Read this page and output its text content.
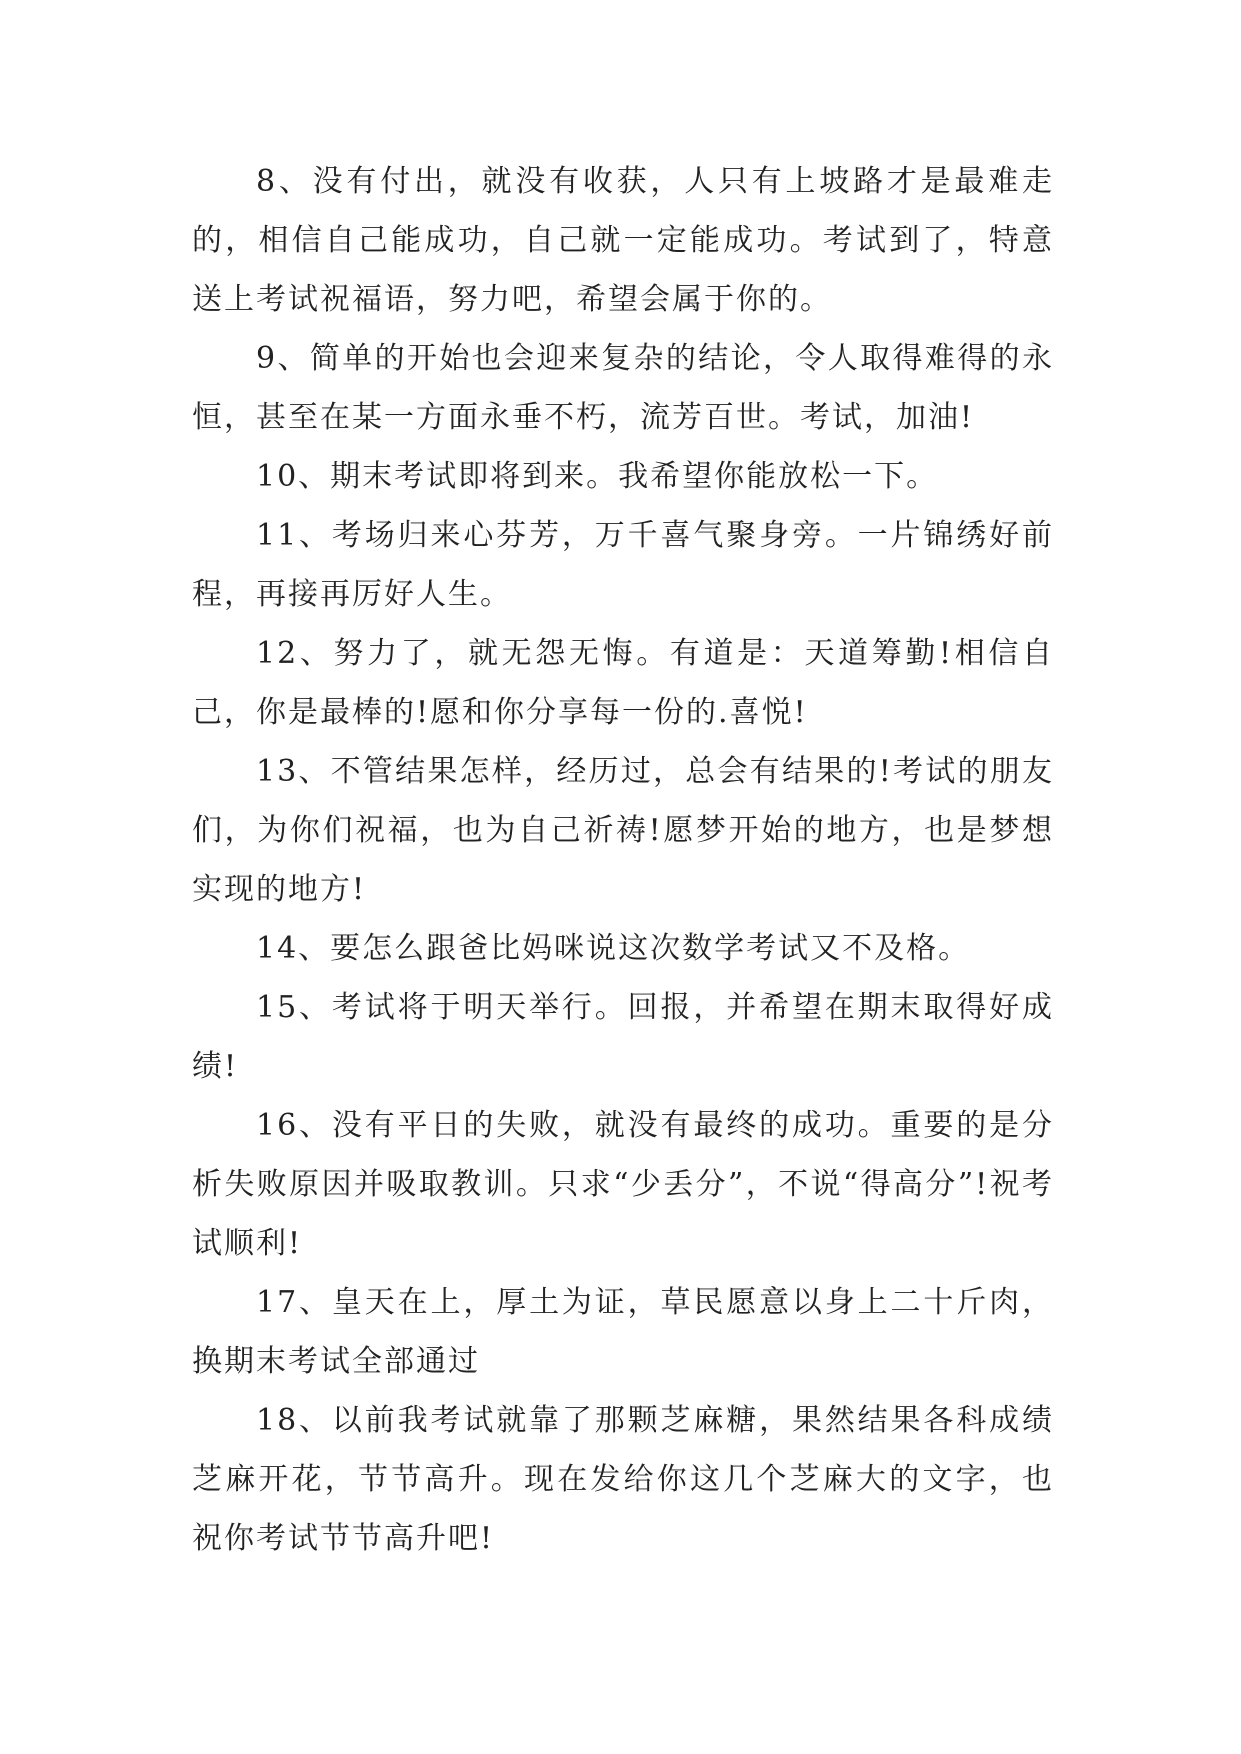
8、没有付出，就没有收获，人只有上坡路才是最难走的，相信自己能成功，自己就一定能成功。考试到了，特意送上考试祝福语，努力吧，希望会属于你的。

9、简单的开始也会迎来复杂的结论，令人取得难得的永恒，甚至在某一方面永垂不朽，流芳百世。考试，加油!

10、期末考试即将到来。我希望你能放松一下。

11、考场归来心芬芳，万千喜气聚身旁。一片锦绣好前程，再接再厉好人生。

12、努力了，就无怨无悔。有道是：天道筹勤!相信自己，你是最棒的!愿和你分享每一份的.喜悦!

13、不管结果怎样，经历过，总会有结果的!考试的朋友们，为你们祝福，也为自己祈祷!愿梦开始的地方，也是梦想实现的地方!

14、要怎么跟爸比妈咪说这次数学考试又不及格。

15、考试将于明天举行。回报，并希望在期末取得好成绩!

16、没有平日的失败，就没有最终的成功。重要的是分析失败原因并吸取教训。只求“少丢分”，不说“得高分”!祝考试顺利!

17、皇天在上，厚土为证，草民愿意以身上二十斤肉，换期末考试全部通过

18、以前我考试就靠了那颗芝麻糖，果然结果各科成绩芝麻开花，节节高升。现在发给你这几个芝麻大的文字，也祝你考试节节高升吧!
